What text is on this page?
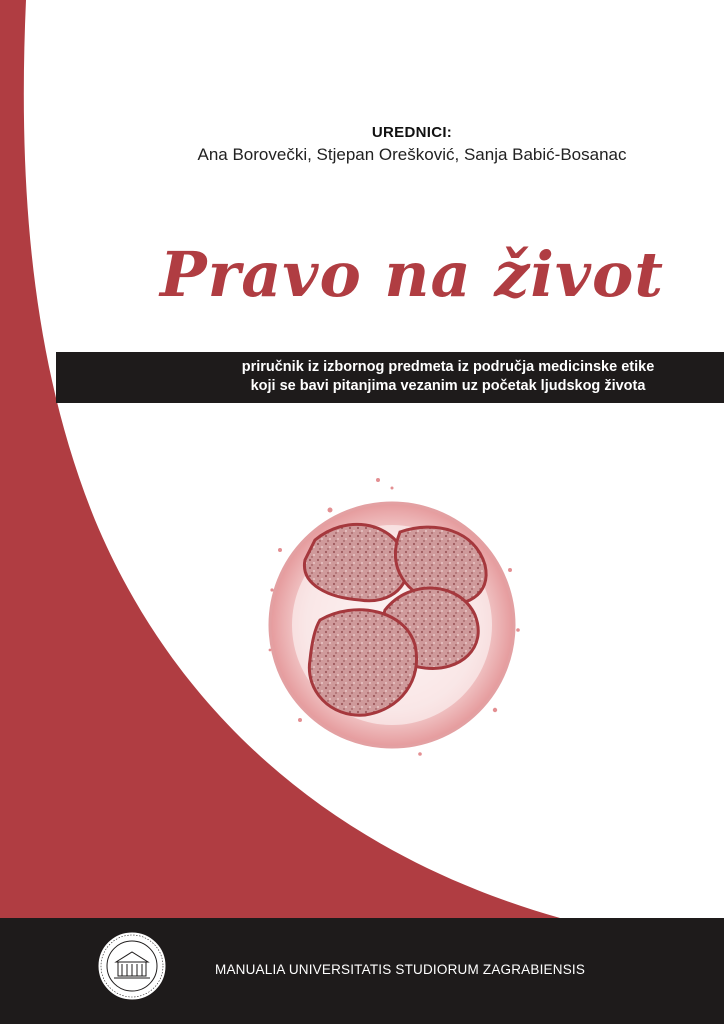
UREDNICI:
Ana Borovečki, Stjepan Orešković, Sanja Babić-Bosanac
Pravo na život
priručnik iz izbornog predmeta iz područja medicinske etike
koji se bavi pitanjima vezanim uz početak ljudskog života
MANUALIA UNIVERSITATIS STUDIORUM ZAGRABIENSIS
